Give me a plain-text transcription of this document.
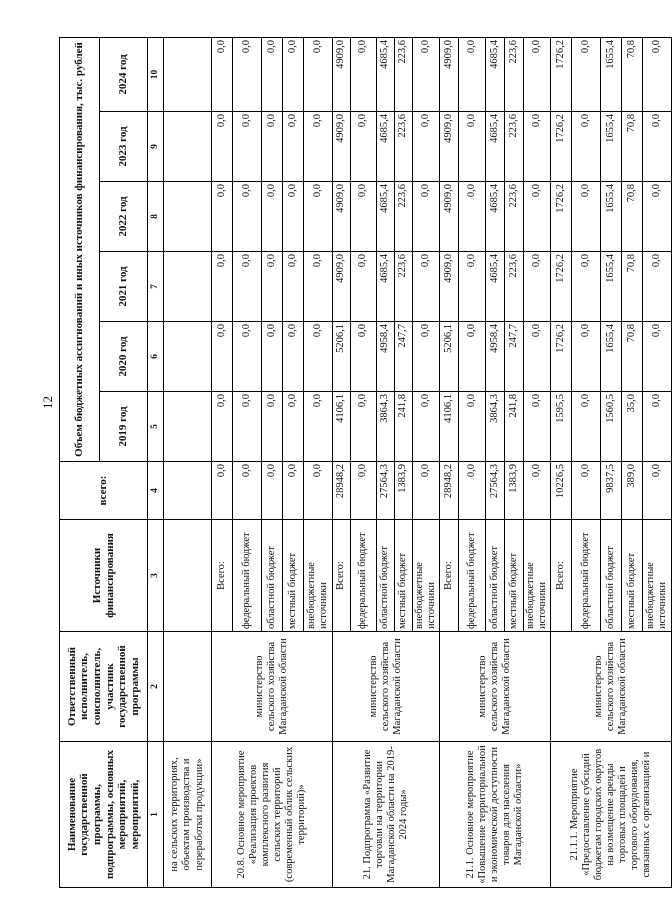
12
Наименование государственной программы, подпрограммы, основных мероприятий, мероприятий,	Ответственный исполнитель, соисполнитель, участник государственной программы	Источники финансирования	всего:	Объем бюджетных ассигнований и иных источников финансирования, тыс. рублей					
				2019 год	2020 год	2021 год	2022 год	2023 год	2024 год
1	2	3	4	5	6	7	8	9	10
на сельских территориях, объектам производства и переработки продукции»									
20.8. Основное мероприятие «Реализация проектов комплексного развития сельских территорий (современный облик сельских территорий)»	министерство сельского хозяйства Магаданской области	Всего:	0,0	0,0	0,0	0,0	0,0	0,0	0,0
		федеральный бюджет	0,0	0,0	0,0	0,0	0,0	0,0	0,0
		областной бюджет	0,0	0,0	0,0	0,0	0,0	0,0	0,0
		местный бюджет	0,0	0,0	0,0	0,0	0,0	0,0	0,0
		внебюджетные источники	0,0	0,0	0,0	0,0	0,0	0,0	0,0
21. Подпрограмма «Развитие торговли на территории Магаданской области на 2019-2024 годы»	министерство сельского хозяйства Магаданской области	Всего:	28948,2	4106,1	5206,1	4909,0	4909,0	4909,0	4909,0
		федеральный бюджет	0,0	0,0	0,0	0,0	0,0	0,0	0,0
		областной бюджет	27564,3	3864,3	4958,4	4685,4	4685,4	4685,4	4685,4
		местный бюджет	1383,9	241,8	247,7	223,6	223,6	223,6	223,6
		внебюджетные источники	0,0	0,0	0,0	0,0	0,0	0,0	0,0
21.1. Основное мероприятие «Повышение территориальной и экономической доступности товаров для населения Магаданской области»	министерство сельского хозяйства Магаданской области	Всего:	28948,2	4106,1	5206,1	4909,0	4909,0	4909,0	4909,0
		федеральный бюджет	0,0	0,0	0,0	0,0	0,0	0,0	0,0
		областной бюджет	27564,3	3864,3	4958,4	4685,4	4685,4	4685,4	4685,4
		местный бюджет	1383,9	241,8	247,7	223,6	223,6	223,6	223,6
		внебюджетные источники	0,0	0,0	0,0	0,0	0,0	0,0	0,0
21.1.1. Мероприятие «Предоставление субсидий бюджетам городских округов на возмещение аренды торговых площадей и торгового оборудования, связанных с организацией и	министерство сельского хозяйства Магаданской области	Всего:	10226,5	1595,5	1726,2	1726,2	1726,2	1726,2	1726,2
		федеральный бюджет	0,0	0,0	0,0	0,0	0,0	0,0	0,0
		областной бюджет	9837,5	1560,5	1655,4	1655,4	1655,4	1655,4	1655,4
		местный бюджет	389,0	35,0	70,8	70,8	70,8	70,8	70,8
		внебюджетные источники	0,0	0,0	0,0	0,0	0,0	0,0	0,0
